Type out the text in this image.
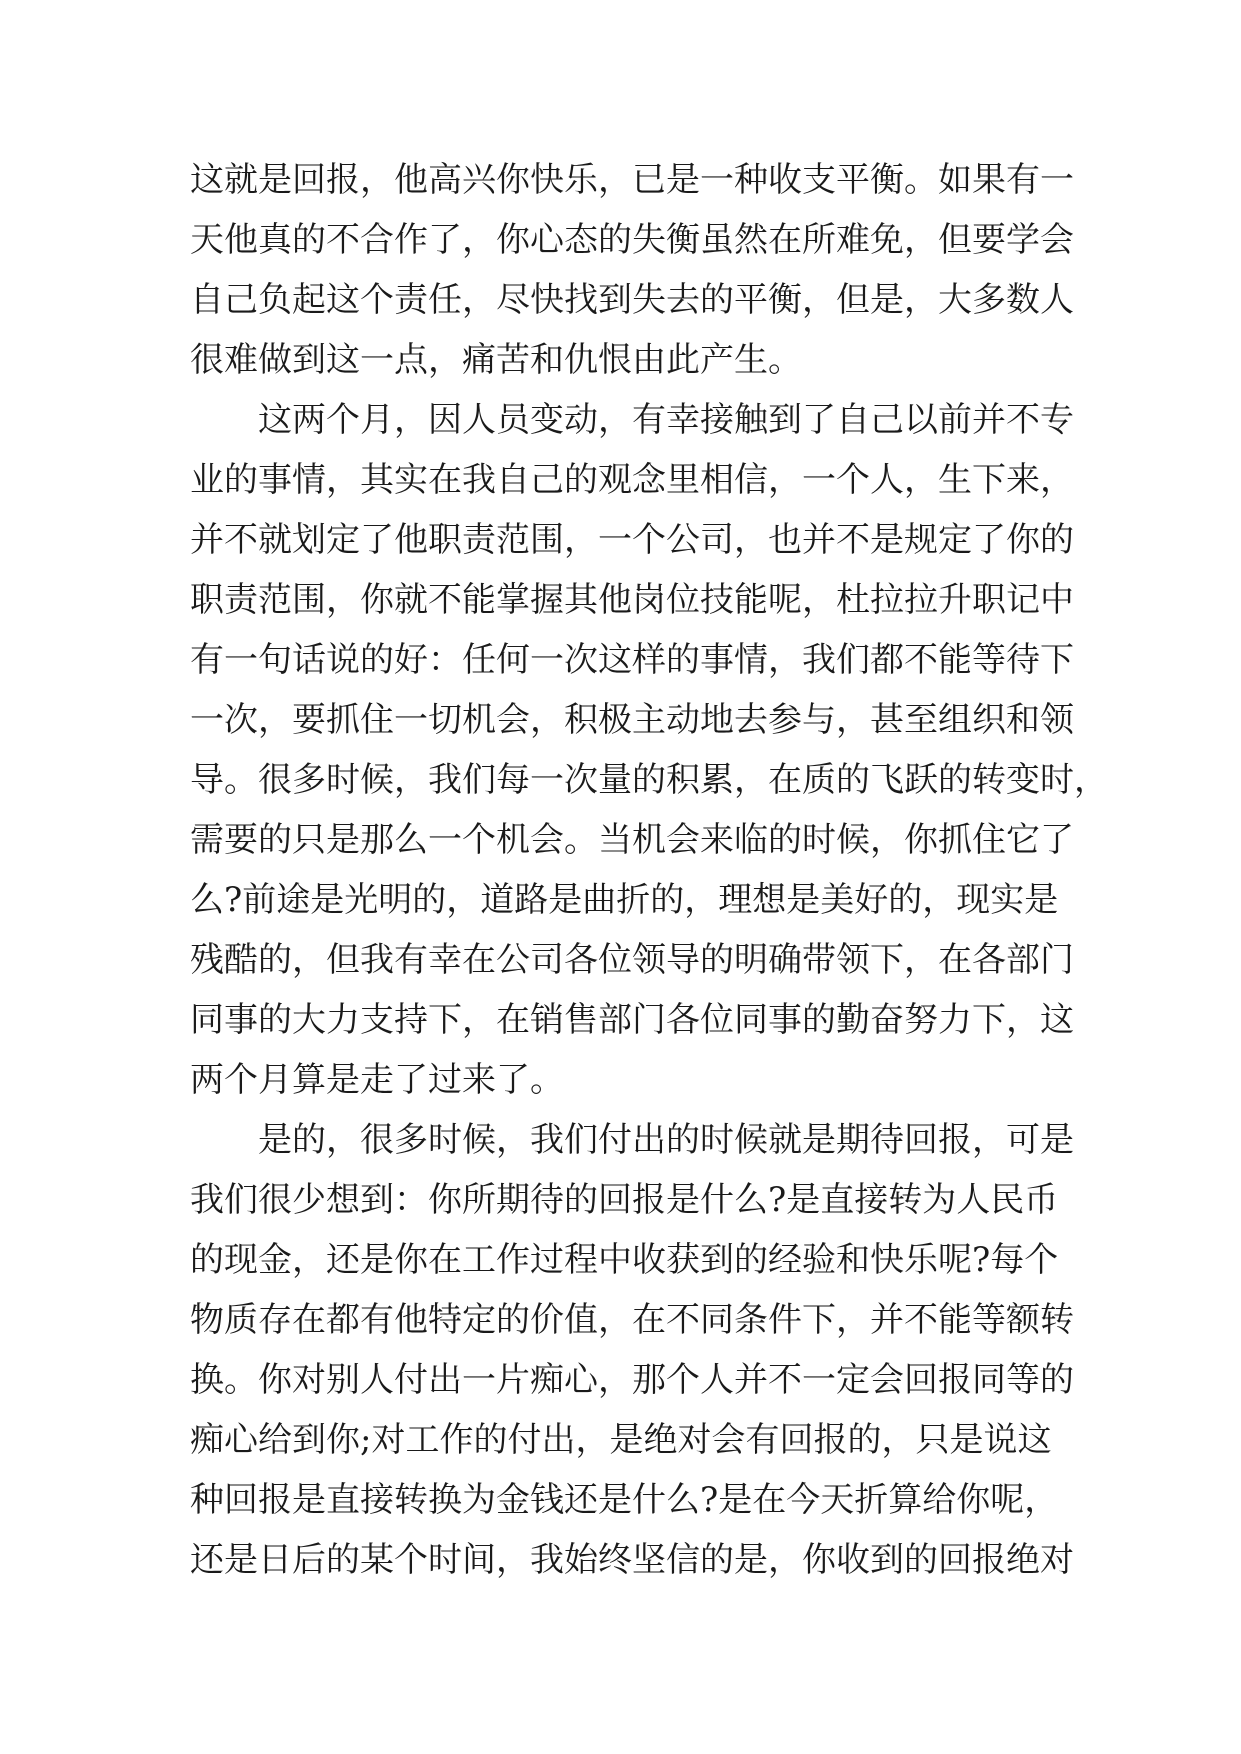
这就是回报，他高兴你快乐，已是一种收支平衡。如果有一
天他真的不合作了，你心态的失衡虽然在所难免，但要学会
自己负起这个责任，尽快找到失去的平衡，但是，大多数人
很难做到这一点，痛苦和仇恨由此产生。
这两个月，因人员变动，有幸接触到了自己以前并不专
业的事情，其实在我自己的观念里相信，一个人，生下来，
并不就划定了他职责范围，一个公司，也并不是规定了你的
职责范围，你就不能掌握其他岗位技能呢，杜拉拉升职记中
有一句话说的好：任何一次这样的事情，我们都不能等待下
一次，要抓住一切机会，积极主动地去参与，甚至组织和领
导。很多时候，我们每一次量的积累，在质的飞跃的转变时，
需要的只是那么一个机会。当机会来临的时候，你抓住它了
么?前途是光明的，道路是曲折的，理想是美好的，现实是
残酷的，但我有幸在公司各位领导的明确带领下，在各部门
同事的大力支持下，在销售部门各位同事的勤奋努力下，这
两个月算是走了过来了。
是的，很多时候，我们付出的时候就是期待回报，可是
我们很少想到：你所期待的回报是什么?是直接转为人民币
的现金，还是你在工作过程中收获到的经验和快乐呢?每个
物质存在都有他特定的价值，在不同条件下，并不能等额转
换。你对别人付出一片痴心，那个人并不一定会回报同等的
痴心给到你;对工作的付出，是绝对会有回报的，只是说这
种回报是直接转换为金钱还是什么?是在今天折算给你呢，
还是日后的某个时间，我始终坚信的是，你收到的回报绝对
